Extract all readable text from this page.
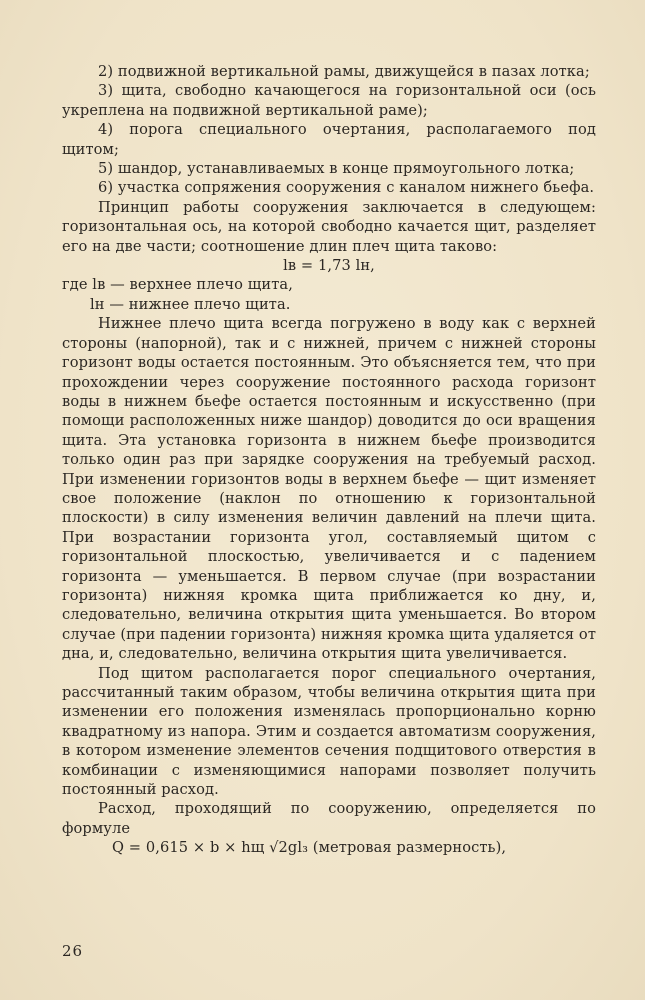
2) подвижной вертикальной рамы, движущейся в пазах лотка;

3) щита, свободно качающегося на горизонтальной оси (ось укреплена на подвижной вертикальной раме);

4) порога специального очертания, располагаемого под щитом;

5) шандор, устанавливаемых в конце прямоугольного лотка;

6) участка сопряжения сооружения с каналом нижнего бьефа.

Принцип работы сооружения заключается в следующем: горизонтальная ось, на которой свободно качается щит, разделяет его на две части; соотношение длин плеч щита таково:

lв = 1,73 lн,

где lв — верхнее плечо щита,

lн — нижнее плечо щита.

Нижнее плечо щита всегда погружено в воду как с верхней стороны (напорной), так и с нижней, причем с нижней стороны горизонт воды остается постоянным. Это объясняется тем, что при прохождении через сооружение постоянного расхода горизонт воды в нижнем бьефе остается постоянным и искусственно (при помощи расположенных ниже шандор) доводится до оси вращения щита. Эта установка горизонта в нижнем бьефе производится только один раз при зарядке сооружения на требуемый расход. При изменении горизонтов воды в верхнем бьефе — щит изменяет свое положение (наклон по отношению к горизонтальной плоскости) в силу изменения величин давлений на плечи щита. При возрастании горизонта угол, составляемый щитом с горизонтальной плоскостью, увеличивается и с падением горизонта — уменьшается. В первом случае (при возрастании горизонта) нижняя кромка щита приближается ко дну, и, следовательно, величина открытия щита уменьшается. Во втором случае (при падении горизонта) нижняя кромка щита удаляется от дна, и, следовательно, величина открытия щита увеличивается.

Под щитом располагается порог специального очертания, рассчитанный таким образом, чтобы величина открытия щита при изменении его положения изменялась пропорционально корню квадратному из напора. Этим и создается автоматизм сооружения, в котором изменение элементов сечения подщитового отверстия в комбинации с изменяющимися напорами позволяет получить постоянный расход.

Расход, проходящий по сооружению, определяется по формуле

Q = 0,615 × b × hщ √2gl₃ (метровая размерность),

26
